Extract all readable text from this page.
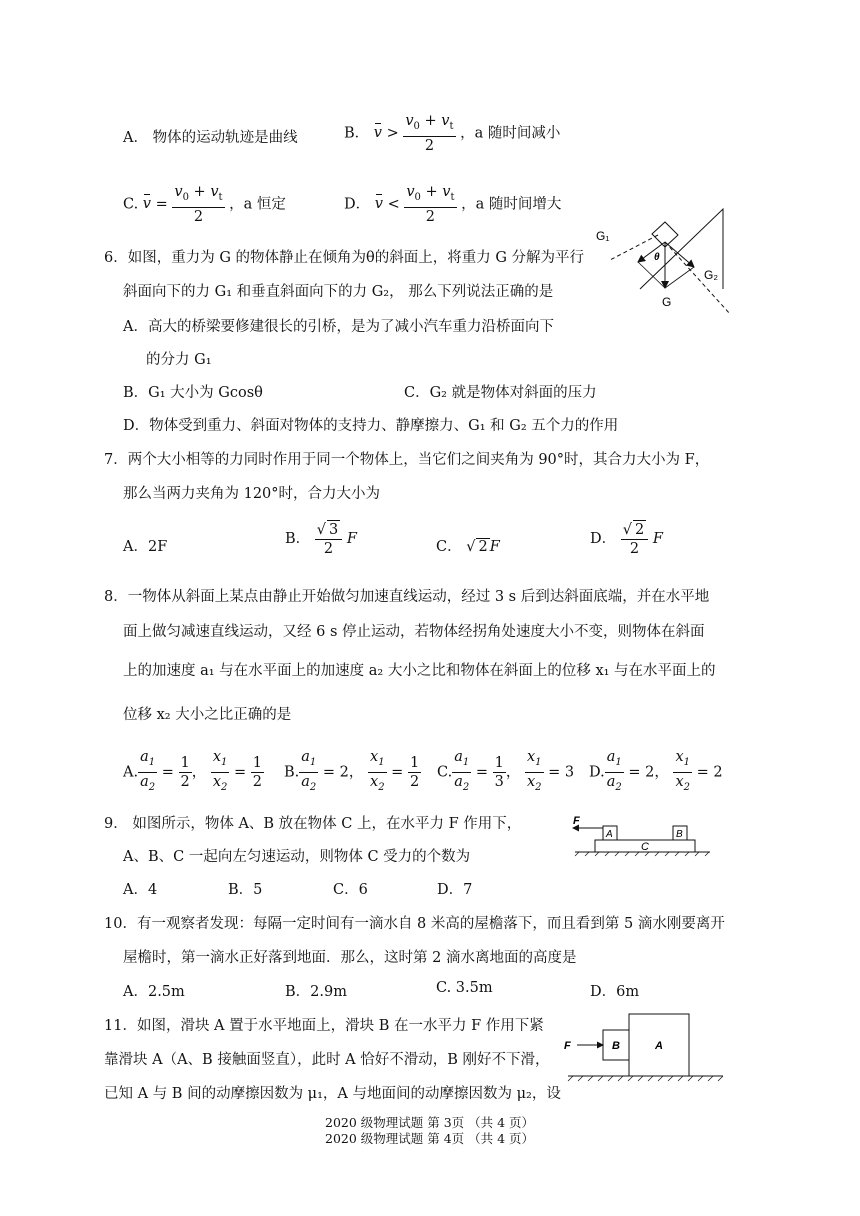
A． 物体的运动轨迹是曲线	B． $v > \frac{v_0 + v_t}{2}$ ，a 随时间减小
C. $v = \frac{v_0 + v_t}{2}$ ，a 恒定	D． $v < \frac{v_0 + v_t}{2}$ ，a 随时间增大
6．如图，重力为 G 的物体静止在倾角为θ的斜面上，将重力 G 分解为平行
斜面向下的力 G₁ 和垂直斜面向下的力 G₂， 那么下列说法正确的是
A．高大的桥梁要修建很长的引桥，是为了减小汽车重力沿桥面向下
的分力 G₁
B．G₁ 大小为 Gcosθ	C．G₂ 就是物体对斜面的压力
D．物体受到重力、斜面对物体的支持力、静摩擦力、G₁ 和 G₂ 五个力的作用
G₁
θ
G₂
G
7．两个大小相等的力同时作用于同一个物体上，当它们之间夹角为 90°时，其合力大小为 F，
那么当两力夹角为 120°时，合力大小为
A．2F	B． $\frac{√ 3}{2}$ F	C． √ 2 F	D． $\frac{√ 2}{2}$ F
8．一物体从斜面上某点由静止开始做匀加速直线运动，经过 3 s 后到达斜面底端，并在水平地
面上做匀减速直线运动，又经 6 s 停止运动，若物体经拐角处速度大小不变，则物体在斜面
上的加速度 a₁ 与在水平面上的加速度 a₂ 大小之比和物体在斜面上的位移 x₁ 与在水平面上的
位移 x₂ 大小之比正确的是
A. $\frac{a_1}{a_2} = \frac{1}{2}$ ， $\frac{x_1}{x_2} = \frac{1}{2} B$. $\frac{a_1}{a_2} = 2$， $\frac{x_1}{x_2} = \frac{1}{2} C$. $\frac{a_1}{a_2} = \frac{1}{3}$ ， $\frac{x_1}{x_2} = 3$ D. $\frac{a_1}{a_2} = 2$， $\frac{x_1}{x_2} = 2$
9． 如图所示，物体 A、B 放在物体 C 上，在水平力 F 作用下，
A、B、C 一起向左匀速运动，则物体 C 受力的个数为
A．4	B．5	C．6	D．7
F
A	B
C
10．有一观察者发现：每隔一定时间有一滴水自 8 米高的屋檐落下，而且看到第 5 滴水刚要离开
屋檐时，第一滴水正好落到地面．那么，这时第 2 滴水离地面的高度是
A．2.5m	B．2.9m	C. 3.5m	D．6m
11．如图，滑块 A 置于水平地面上，滑块 B 在一水平力 F 作用下紧
靠滑块 A（A、B 接触面竖直），此时 A 恰好不滑动，B 刚好不下滑，
已知 A 与 B 间的动摩擦因数为 μ₁，A 与地面间的动摩擦因数为 μ₂，设
F	B	A
2020 级物理试题 第 3页 （共 4 页）
2020 级物理试题 第 4页 （共 4 页）
